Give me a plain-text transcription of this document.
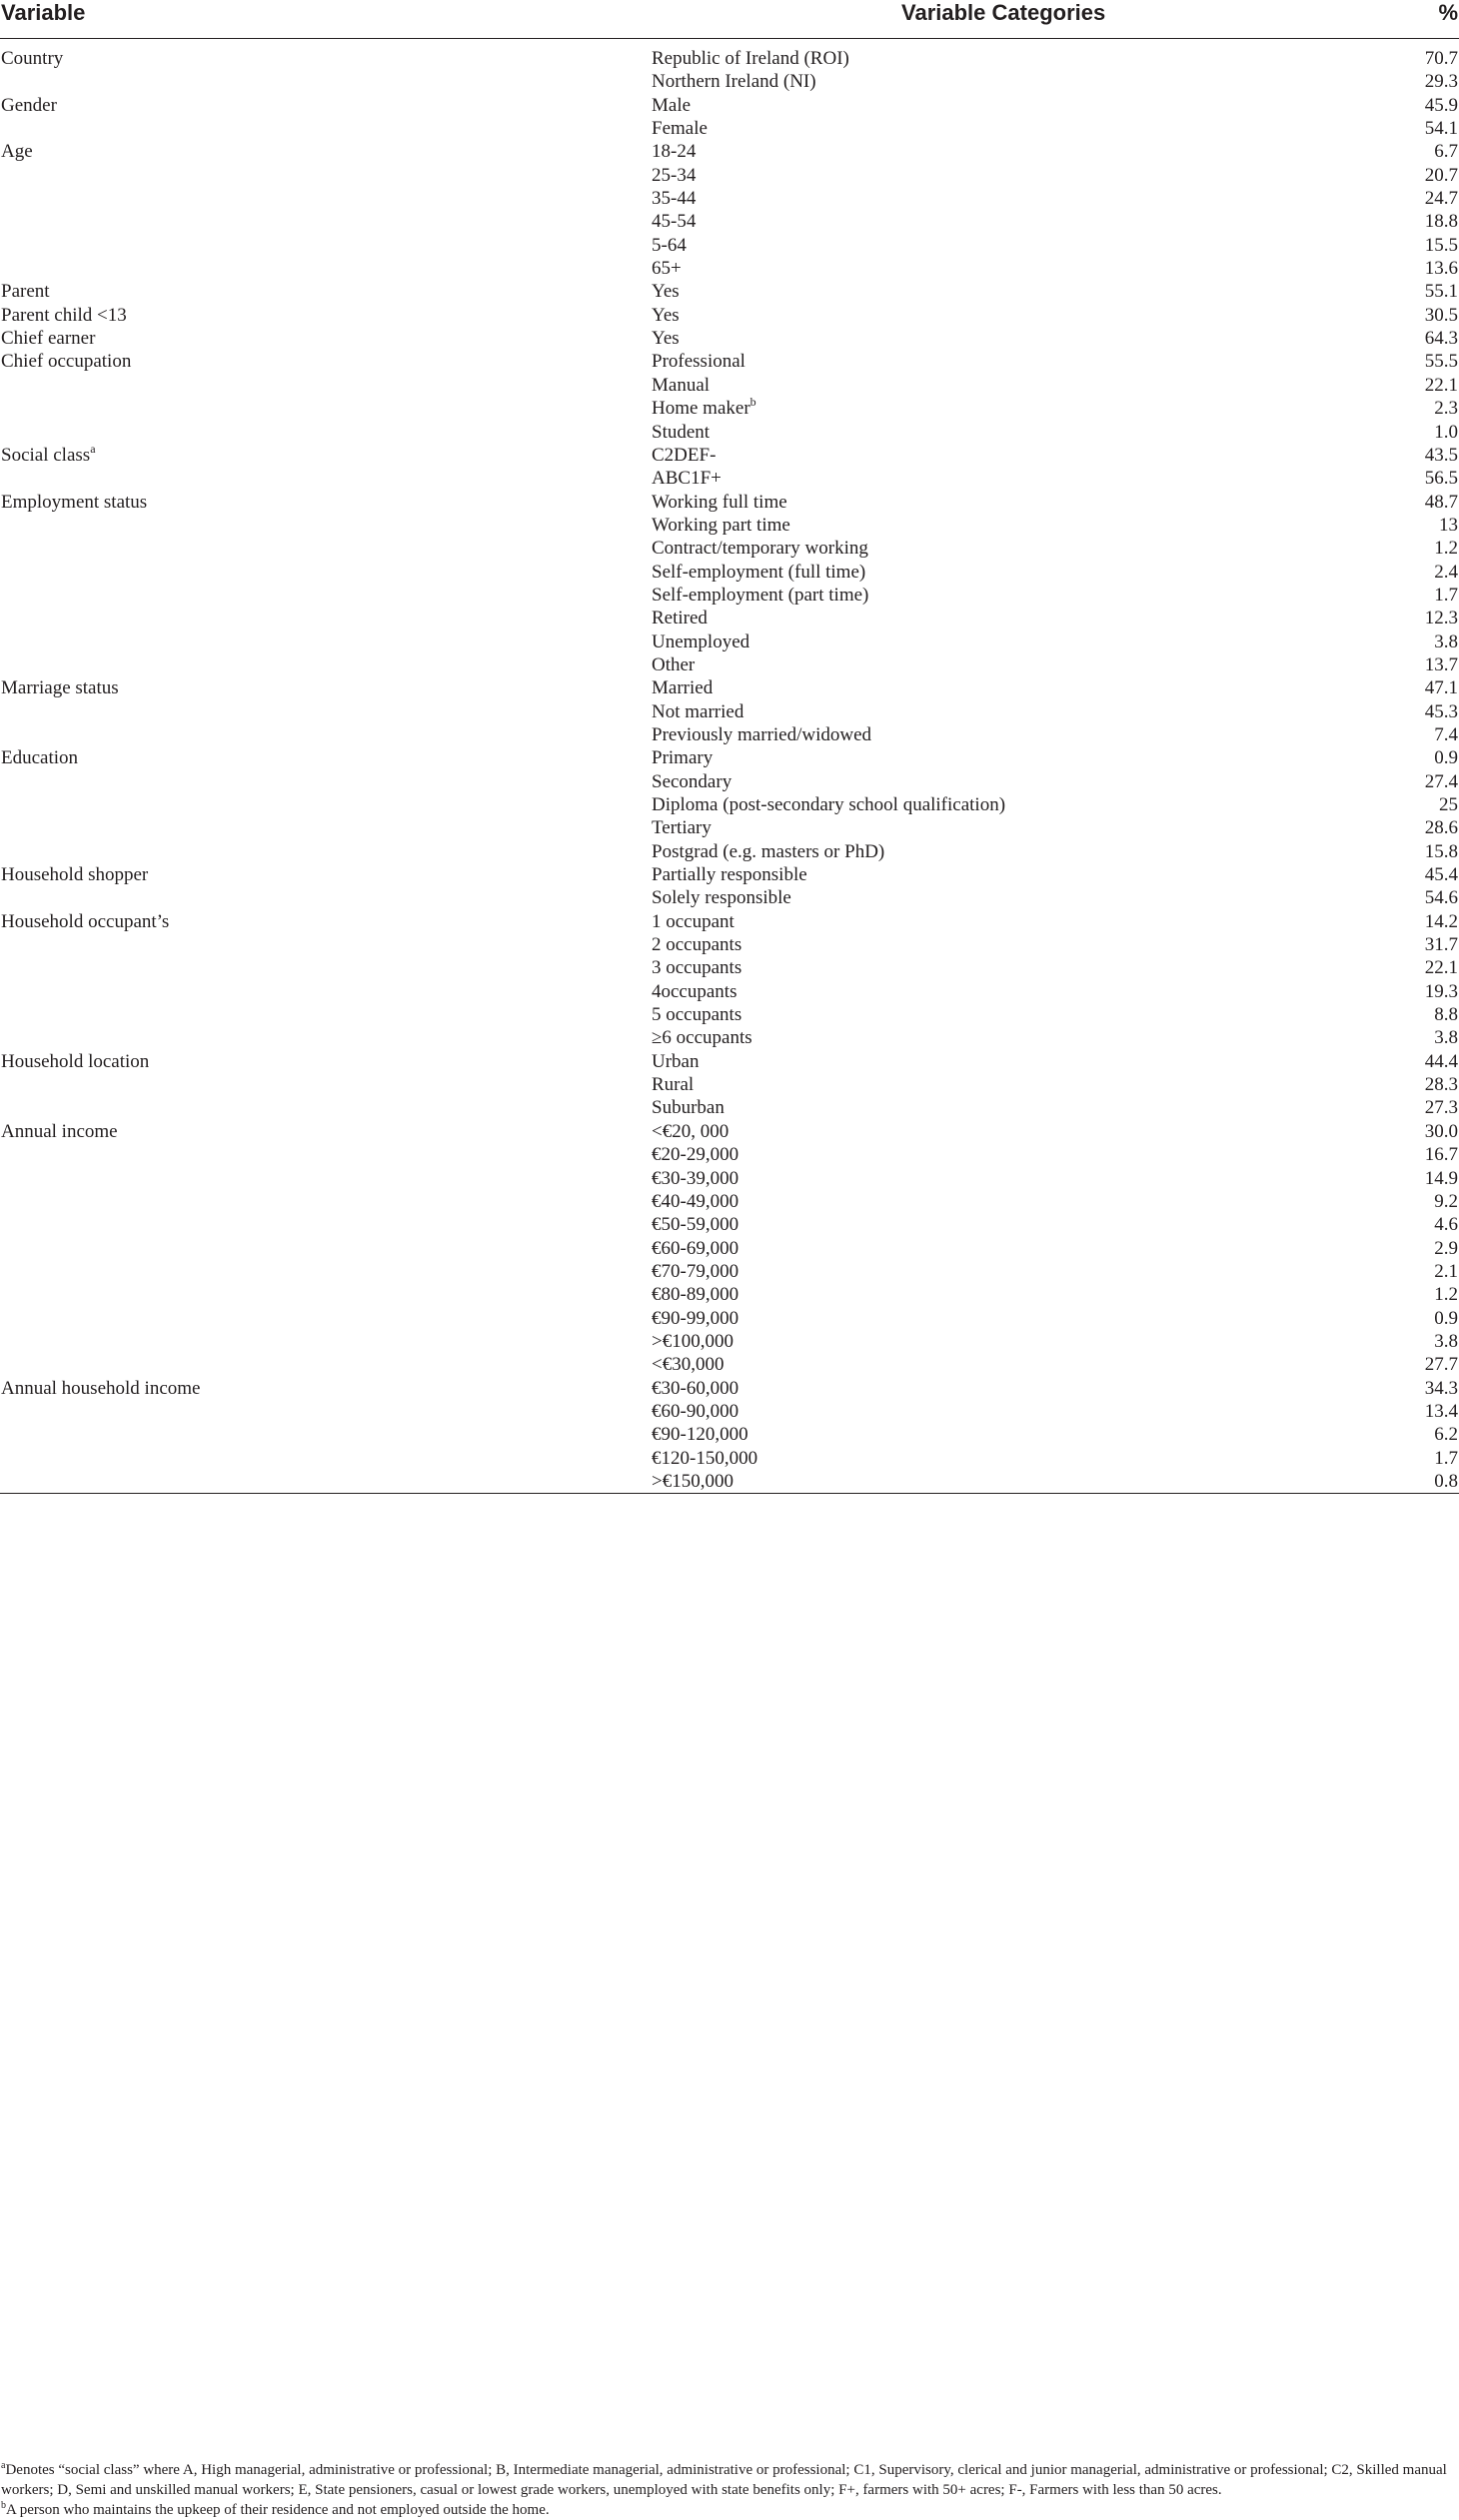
Variable	Variable Categories	%

Country	Republic of Ireland (ROI)	70.7
	Northern Ireland (NI)	29.3
Gender	Male	45.9
	Female	54.1
Age	18-24	6.7
	25-34	20.7
	35-44	24.7
	45-54	18.8
	5-64	15.5
	65+	13.6
Parent	Yes	55.1
Parent child <13	Yes	30.5
Chief earner	Yes	64.3
Chief occupation	Professional	55.5
	Manual	22.1
	Home maker$^b$	2.3
	Student	1.0
Social class$^a$	C2DEF-	43.5
	ABC1F+	56.5
Employment status	Working full time	48.7
	Working part time	13
	Contract/temporary working	1.2
	Self-employment (full time)	2.4
	Self-employment (part time)	1.7
	Retired	12.3
	Unemployed	3.8
	Other	13.7
Marriage status	Married	47.1
	Not married	45.3
	Previously married/widowed	7.4
Education	Primary	0.9
	Secondary	27.4
	Diploma (post-secondary school qualification)	25
	Tertiary	28.6
	Postgrad (e.g. masters or PhD)	15.8
Household shopper	Partially responsible	45.4
	Solely responsible	54.6
Household occupant’s	1 occupant	14.2
	2 occupants	31.7
	3 occupants	22.1
	4occupants	19.3
	5 occupants	8.8
	≥6 occupants	3.8
Household location	Urban	44.4
	Rural	28.3
	Suburban	27.3
Annual income	<€20, 000	30.0
	€20-29,000	16.7
	€30-39,000	14.9
	€40-49,000	9.2
	€50-59,000	4.6
	€60-69,000	2.9
	€70-79,000	2.1
	€80-89,000	1.2
	€90-99,000	0.9
	>€100,000	3.8
	<€30,000	27.7
Annual household income	€30-60,000	34.3
	€60-90,000	13.4
	€90-120,000	6.2
	€120-150,000	1.7
	>€150,000	0.8

$^a$Denotes “social class” where A, High managerial, administrative or professional; B, Intermediate managerial, administrative or professional; C1, Supervisory, clerical and junior managerial, administrative or professional; C2, Skilled manual workers; D, Semi and unskilled manual workers; E, State pensioners, casual or lowest grade workers, unemployed with state benefits only; F+, farmers with 50+ acres; F-, Farmers with less than 50 acres.

$^b$A person who maintains the upkeep of their residence and not employed outside the home.
